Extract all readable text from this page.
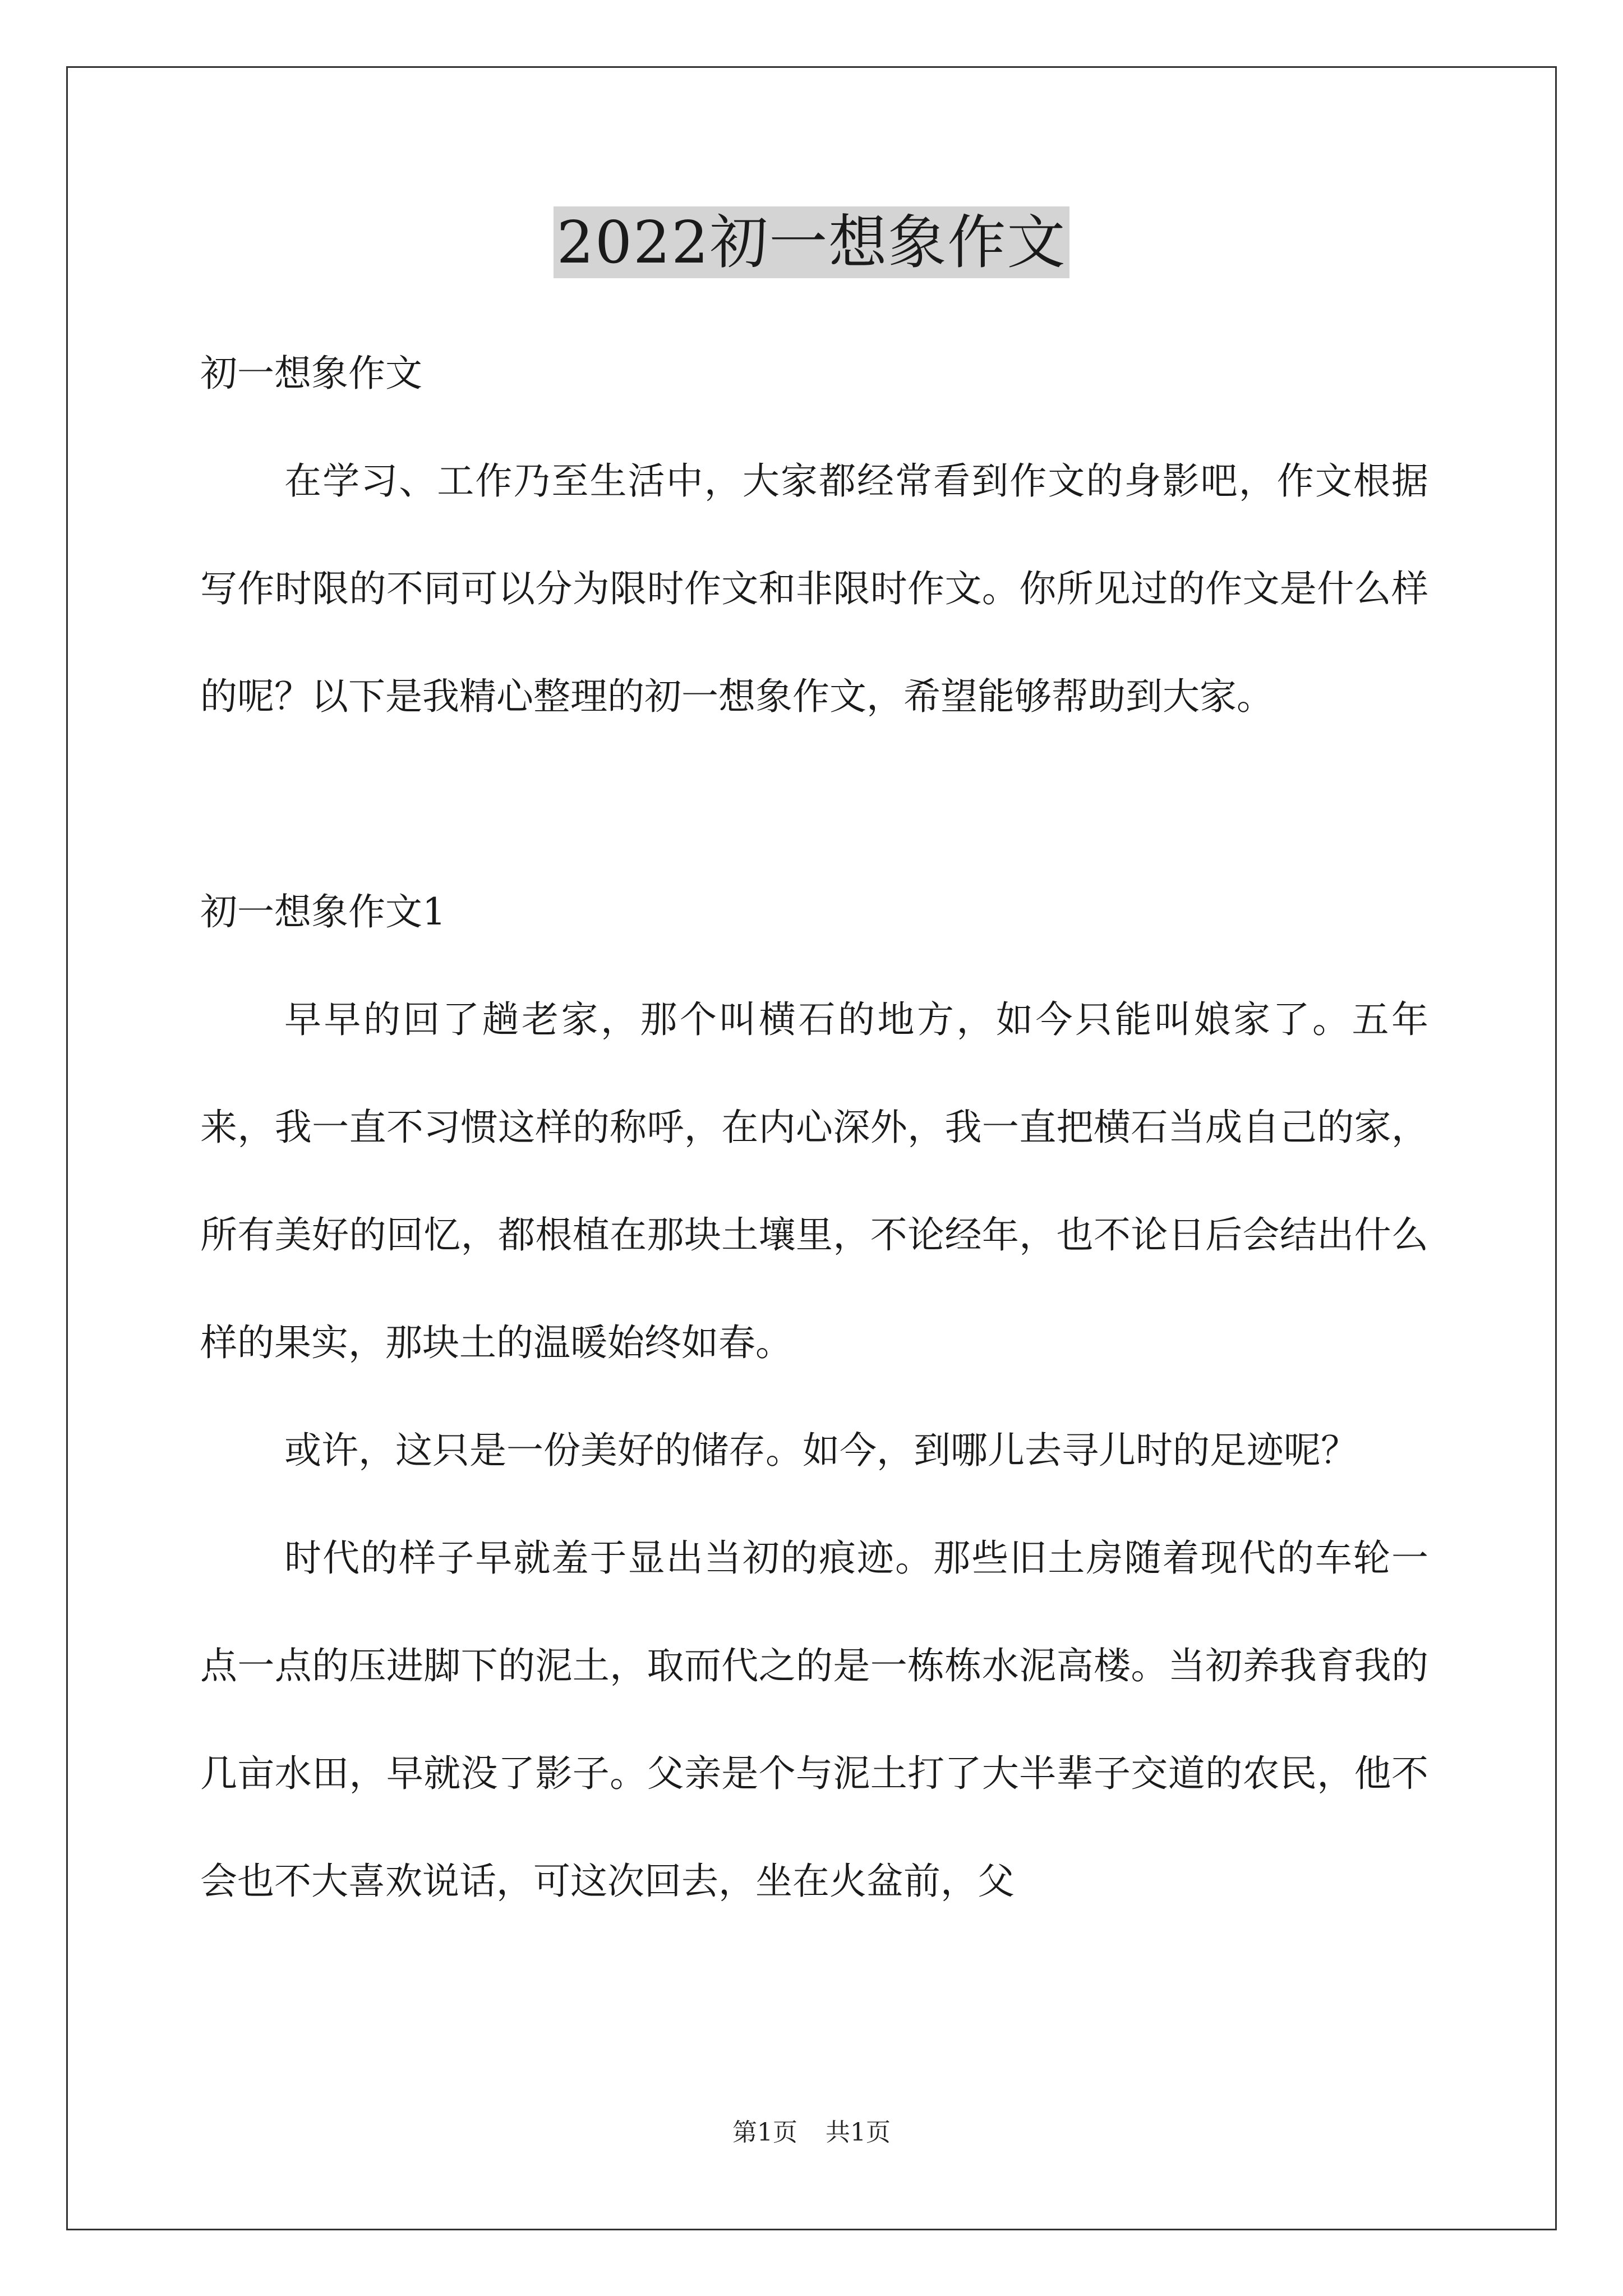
2022初一想象作文

初一想象作文

在学习、工作乃至生活中，大家都经常看到作文的身影吧，作文根据写作时限的不同可以分为限时作文和非限时作文。你所见过的作文是什么样的呢？以下是我精心整理的初一想象作文，希望能够帮助到大家。

初一想象作文1

早早的回了趟老家，那个叫横石的地方，如今只能叫娘家了。五年来，我一直不习惯这样的称呼，在内心深外，我一直把横石当成自己的家，所有美好的回忆，都根植在那块土壤里，不论经年，也不论日后会结出什么样的果实，那块土的温暖始终如春。

或许，这只是一份美好的储存。如今，到哪儿去寻儿时的足迹呢？

时代的样子早就羞于显出当初的痕迹。那些旧土房随着现代的车轮一点一点的压进脚下的泥土，取而代之的是一栋栋水泥高楼。当初养我育我的几亩水田，早就没了影子。父亲是个与泥土打了大半辈子交道的农民，他不会也不大喜欢说话，可这次回去，坐在火盆前，父

第1页 共1页
